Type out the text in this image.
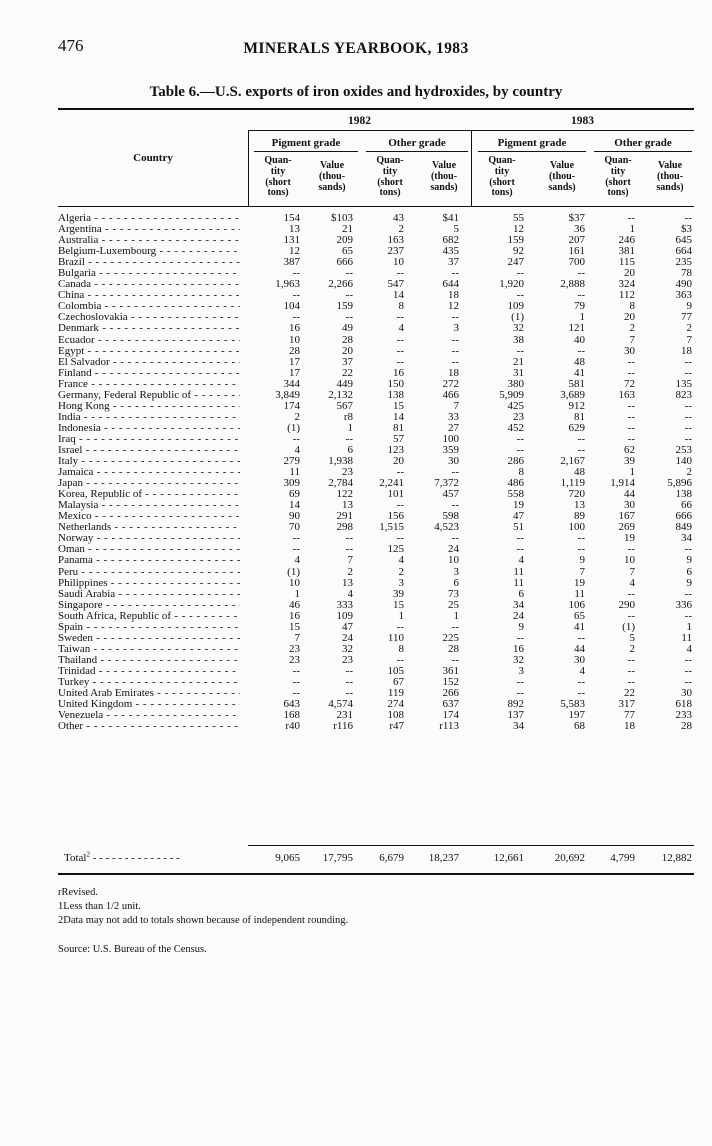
476	MINERALS YEARBOOK, 1983
Table 6.—U.S. exports of iron oxides and hydroxides, by country
Country
1982	1983
Pigment grade	Other grade	Pigment grade	Other grade
Quan-
tity
(short
tons)
Value
(thou-
sands)
Quan-
tity
(short
tons)
Value
(thou-
sands)
Quan-
tity
(short
tons)
Value
(thou-
sands)
Quan-
tity
(short
tons)
Value
(thou-
sands)
Algeria - - -	154	$103	43	$41	55	$37	--	--
Argentina - - -	13	21	2	5	12	36	1	$3
Australia - - -	131	209	163	682	159	207	246	645
Belgium-Luxembourg - - -	12	65	237	435	92	161	381	664
Brazil - - -	387	666	10	37	247	700	115	235
Bulgaria - - -	--	--	--	--	--	--	20	78
Canada - - -	1,963	2,266	547	644	1,920	2,888	324	490
China - - -	--	--	14	18	--	--	112	363
Colombia - - -	104	159	8	12	109	79	8	9
Czechoslovakia - - -	--	--	--	--	(1)	1	20	77
Denmark - - -	16	49	4	3	32	121	2	2
Ecuador - - -	10	28	--	--	38	40	7	7
Egypt - - -	28	20	--	--	--	--	30	18
El Salvador - - -	17	37	--	--	21	48	--	--
Finland - - -	17	22	16	18	31	41	--	--
France - - -	344	449	150	272	380	581	72	135
Germany, Federal Republic of - - -	3,849	2,132	138	466	5,909	3,689	163	823
Hong Kong - - -	174	567	15	7	425	912	--	--
India - - -	2	r8	14	33	23	81	--	--
Indonesia - - -	(1)	1	81	27	452	629	--	--
Iraq - - -	--	--	57	100	--	--	--	--
Israel - - -	4	6	123	359	--	--	62	253
Italy - - -	279	1,938	20	30	286	2,167	39	140
Jamaica - - -	11	23	--	--	8	48	1	2
Japan - - -	309	2,784	2,241	7,372	486	1,119	1,914	5,896
Korea, Republic of - - -	69	122	101	457	558	720	44	138
Malaysia - - -	14	13	--	--	19	13	30	66
Mexico - - -	90	291	156	598	47	89	167	666
Netherlands - - -	70	298	1,515	4,523	51	100	269	849
Norway - - -	--	--	--	--	--	--	19	34
Oman - - -	--	--	125	24	--	--	--	--
Panama - - -	4	7	4	10	4	9	10	9
Peru - - -	(1)	2	2	3	11	7	7	6
Philippines - - -	10	13	3	6	11	19	4	9
Saudi Arabia - - -	1	4	39	73	6	11	--	--
Singapore - - -	46	333	15	25	34	106	290	336
South Africa, Republic of - - -	16	109	1	1	24	65	--	--
Spain - - -	15	47	--	--	9	41	(1)	1
Sweden - - -	7	24	110	225	--	--	5	11
Taiwan - - -	23	32	8	28	16	44	2	4
Thailand - - -	23	23	--	--	32	30	--	--
Trinidad - - -	--	--	105	361	3	4	--	--
Turkey - - -	--	--	67	152	--	--	--	--
United Arab Emirates - - -	--	--	119	266	--	--	22	30
United Kingdom - - -	643	4,574	274	637	892	5,583	317	618
Venezuela - - -	168	231	108	174	137	197	77	233
Other - - -	r40	r116	r47	r113	34	68	18	28
Total$^2$ - - - - - - - - - - - - - -	9,065	17,795	6,679	18,237	12,661	20,692	4,799	12,882
rRevised.
1Less than 1/2 unit.
2Data may not add to totals shown because of independent rounding.
Source: U.S. Bureau of the Census.
